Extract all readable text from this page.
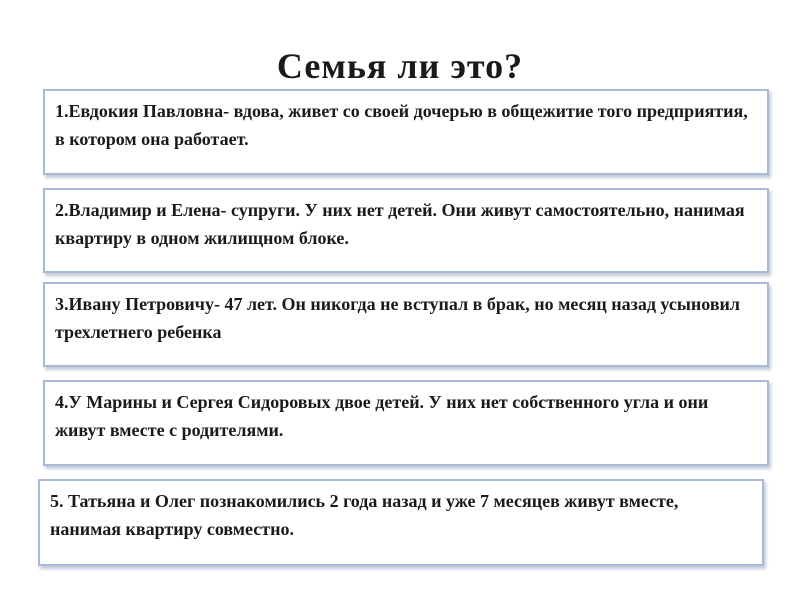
Семья ли это?
1.Евдокия Павловна- вдова, живет со своей дочерью в общежитие того предприятия, в котором она работает.
2.Владимир и Елена- супруги. У них нет детей. Они живут самостоятельно, нанимая квартиру в одном жилищном блоке.
3.Ивану Петровичу- 47 лет. Он никогда не вступал в брак, но месяц назад усыновил трехлетнего ребенка
4.У Марины и Сергея Сидоровых двое детей. У них нет собственного угла и они живут вместе с родителями.
5. Татьяна и Олег познакомились 2 года назад и уже 7 месяцев живут вместе, нанимая квартиру совместно.
